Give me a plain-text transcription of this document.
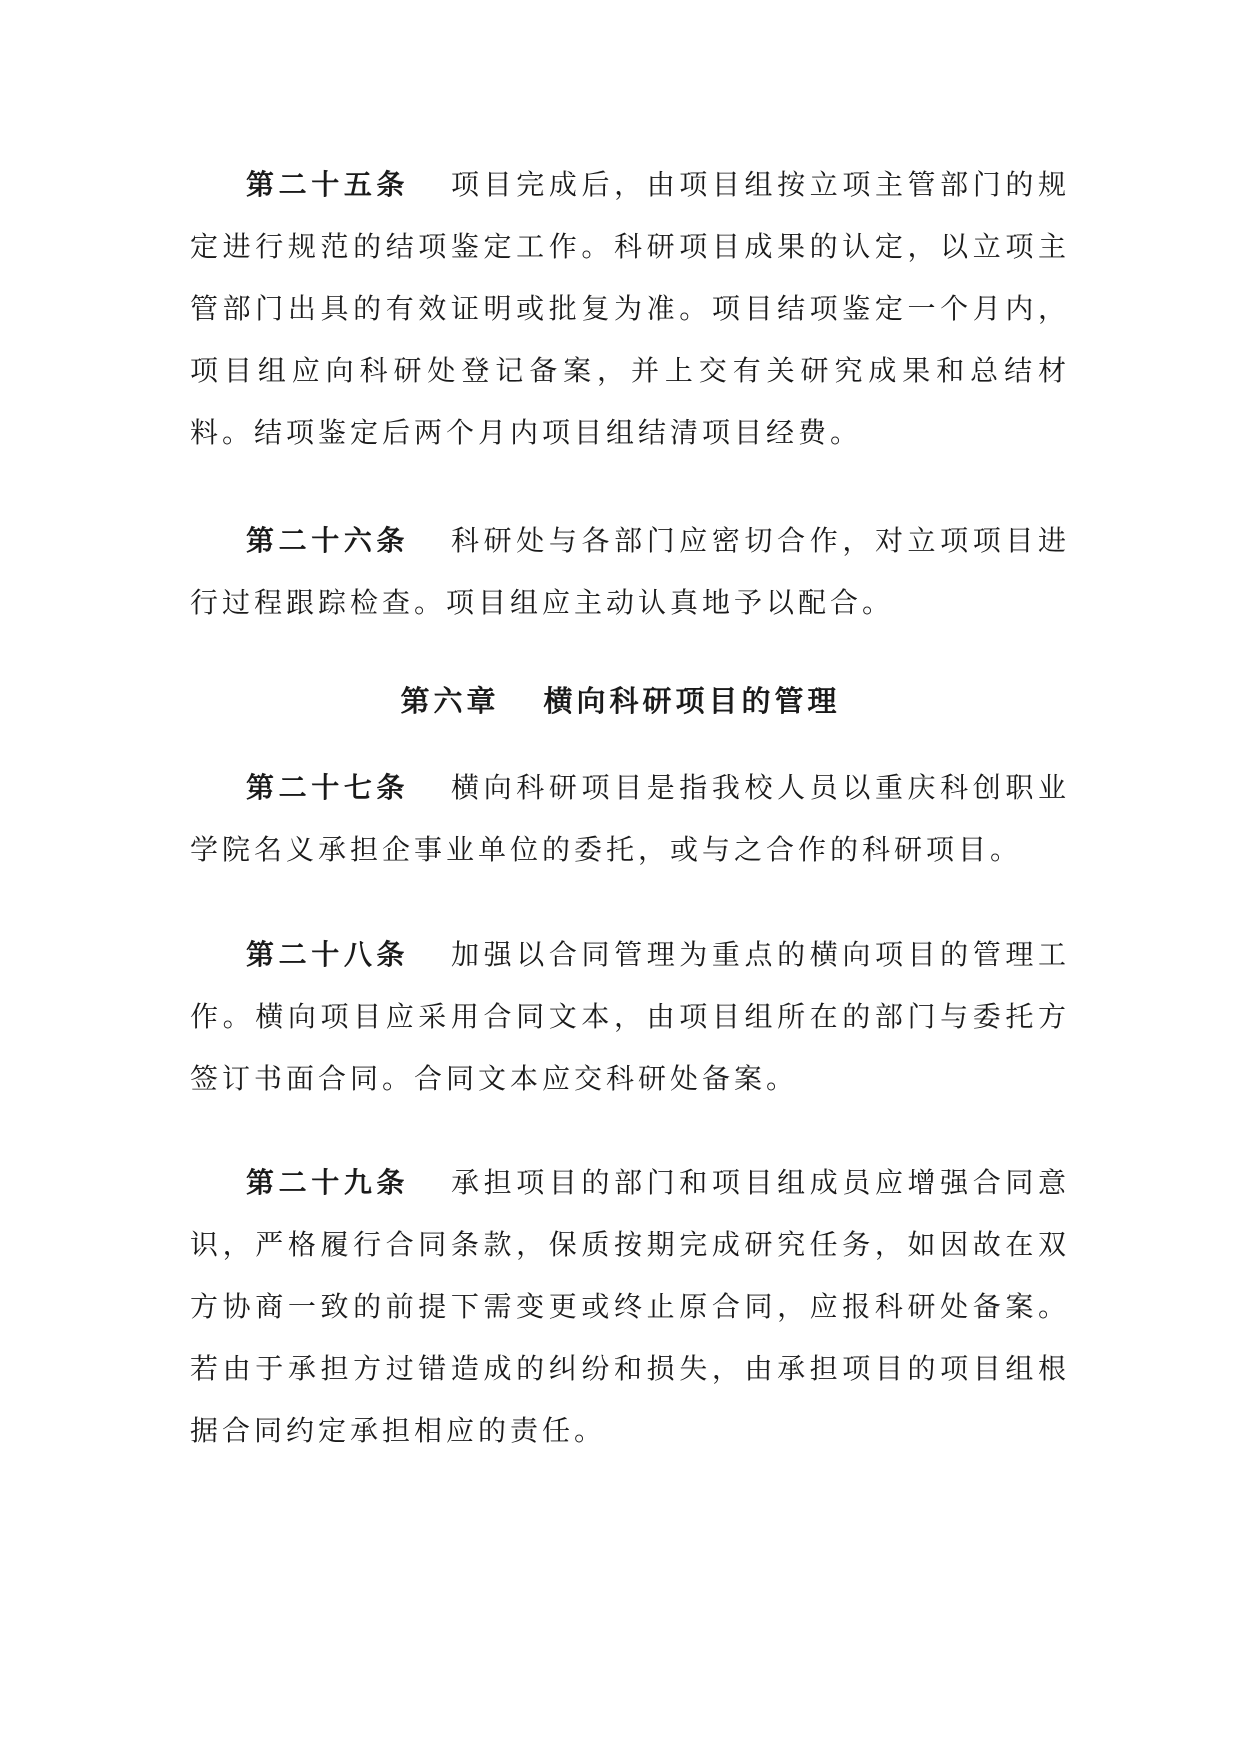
第二十五条 项目完成后，由项目组按立项主管部门的规定进行规范的结项鉴定工作。科研项目成果的认定，以立项主管部门出具的有效证明或批复为准。项目结项鉴定一个月内，项目组应向科研处登记备案，并上交有关研究成果和总结材料。结项鉴定后两个月内项目组结清项目经费。

第二十六条 科研处与各部门应密切合作，对立项项目进行过程跟踪检查。项目组应主动认真地予以配合。

第六章 横向科研项目的管理

第二十七条 横向科研项目是指我校人员以重庆科创职业学院名义承担企事业单位的委托，或与之合作的科研项目。

第二十八条 加强以合同管理为重点的横向项目的管理工作。横向项目应采用合同文本，由项目组所在的部门与委托方签订书面合同。合同文本应交科研处备案。

第二十九条 承担项目的部门和项目组成员应增强合同意识，严格履行合同条款，保质按期完成研究任务，如因故在双方协商一致的前提下需变更或终止原合同，应报科研处备案。若由于承担方过错造成的纠纷和损失，由承担项目的项目组根据合同约定承担相应的责任。
